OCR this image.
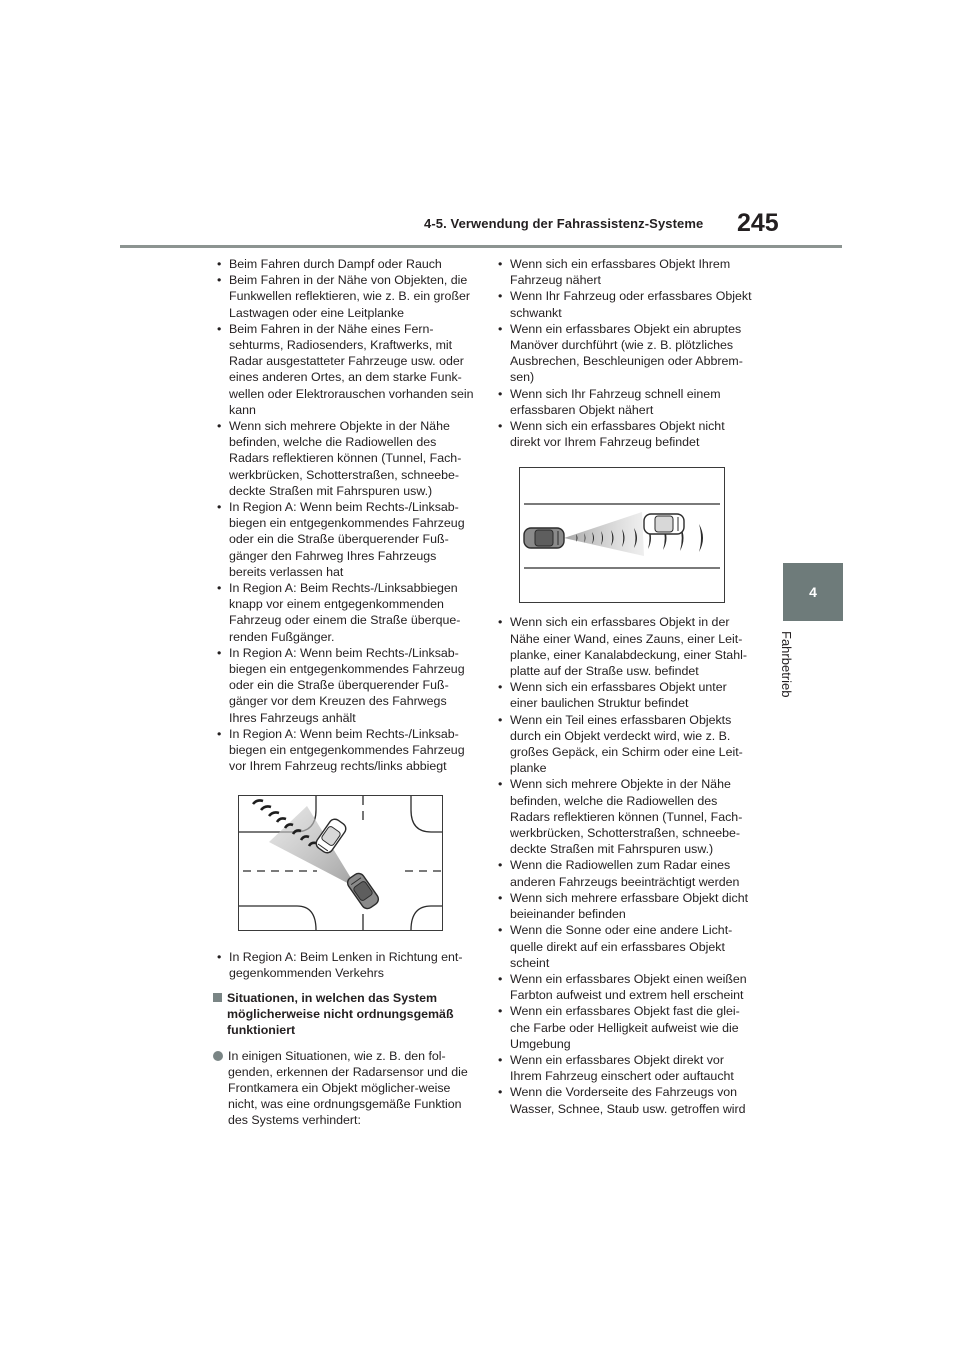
4-5. Verwendung der Fahrassistenz-Systeme 245
4
Fahrbetrieb
• Beim Fahren durch Dampf oder Rauch
• Beim Fahren in der Nähe von Objekten, die Funkwellen reflektieren, wie z. B. ein großer Lastwagen oder eine Leitplanke
• Beim Fahren in der Nähe eines Fern-sehturms, Radiosenders, Kraftwerks, mit Radar ausgestatteter Fahrzeuge usw. oder eines anderen Ortes, an dem starke Funk-wellen oder Elektrorauschen vorhanden sein kann
• Wenn sich mehrere Objekte in der Nähe befinden, welche die Radiowellen des Radars reflektieren können (Tunnel, Fach-werkbrücken, Schotterstraßen, schneebe-deckte Straßen mit Fahrspuren usw.)
• In Region A: Wenn beim Rechts-/Linksab-biegen ein entgegenkommendes Fahrzeug oder ein die Straße überquerender Fuß-gänger den Fahrweg Ihres Fahrzeugs bereits verlassen hat
• In Region A: Beim Rechts-/Linksabbiegen knapp vor einem entgegenkommenden Fahrzeug oder einem die Straße überque-renden Fußgänger.
• In Region A: Wenn beim Rechts-/Linksab-biegen ein entgegenkommendes Fahrzeug oder ein die Straße überquerender Fuß-gänger vor dem Kreuzen des Fahrwegs Ihres Fahrzeugs anhält
• In Region A: Wenn beim Rechts-/Linksab-biegen ein entgegenkommendes Fahrzeug vor Ihrem Fahrzeug rechts/links abbiegt
• In Region A: Beim Lenken in Richtung ent-gegenkommenden Verkehrs
Situationen, in welchen das System möglicherweise nicht ordnungsgemäß funktioniert
In einigen Situationen, wie z. B. den fol-genden, erkennen der Radarsensor und die Frontkamera ein Objekt möglicher-weise nicht, was eine ordnungsgemäße Funktion des Systems verhindert:
• Wenn sich ein erfassbares Objekt Ihrem Fahrzeug nähert
• Wenn Ihr Fahrzeug oder erfassbares Objekt schwankt
• Wenn ein erfassbares Objekt ein abruptes Manöver durchführt (wie z. B. plötzliches Ausbrechen, Beschleunigen oder Abbrem-sen)
• Wenn sich Ihr Fahrzeug schnell einem erfassbaren Objekt nähert
• Wenn sich ein erfassbares Objekt nicht direkt vor Ihrem Fahrzeug befindet
• Wenn sich ein erfassbares Objekt in der Nähe einer Wand, eines Zauns, einer Leit-planke, einer Kanalabdeckung, einer Stahl-platte auf der Straße usw. befindet
• Wenn sich ein erfassbares Objekt unter einer baulichen Struktur befindet
• Wenn ein Teil eines erfassbaren Objekts durch ein Objekt verdeckt wird, wie z. B. großes Gepäck, ein Schirm oder eine Leit-planke
• Wenn sich mehrere Objekte in der Nähe befinden, welche die Radiowellen des Radars reflektieren können (Tunnel, Fach-werkbrücken, Schotterstraßen, schneebe-deckte Straßen mit Fahrspuren usw.)
• Wenn die Radiowellen zum Radar eines anderen Fahrzeugs beeinträchtigt werden
• Wenn sich mehrere erfassbare Objekt dicht beieinander befinden
• Wenn die Sonne oder eine andere Licht-quelle direkt auf ein erfassbares Objekt scheint
• Wenn ein erfassbares Objekt einen weißen Farbton aufweist und extrem hell erscheint
• Wenn ein erfassbares Objekt fast die glei-che Farbe oder Helligkeit aufweist wie die Umgebung
• Wenn ein erfassbares Objekt direkt vor Ihrem Fahrzeug einschert oder auftaucht
• Wenn die Vorderseite des Fahrzeugs von Wasser, Schnee, Staub usw. getroffen wird
